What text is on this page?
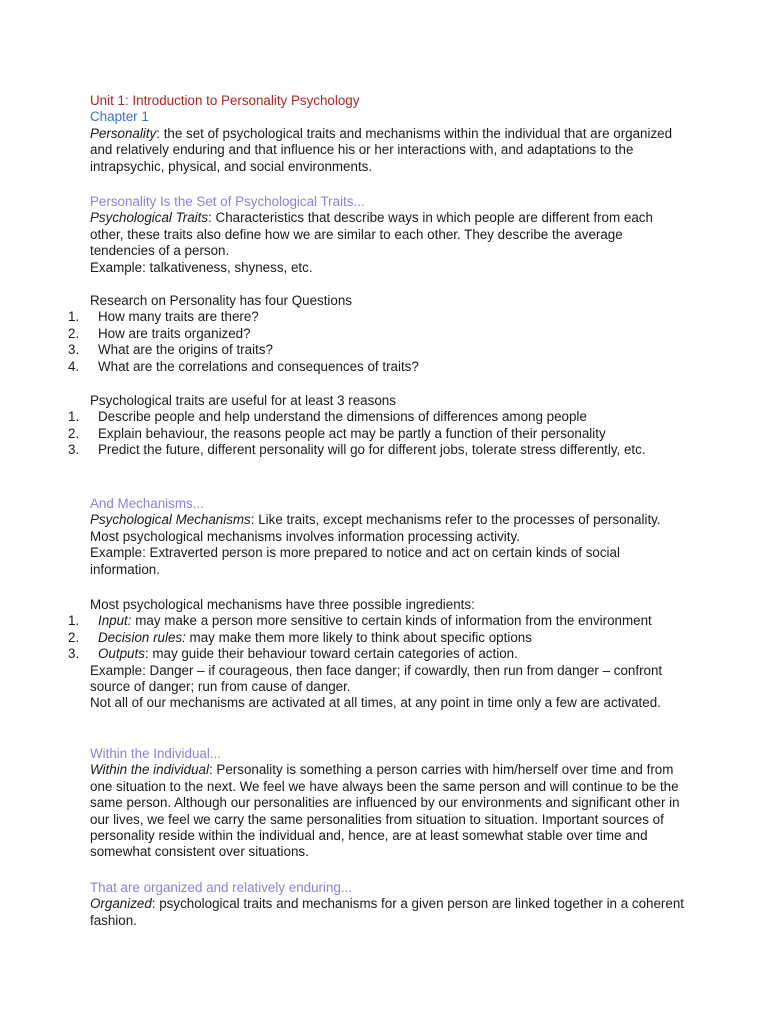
Unit 1: Introduction to Personality Psychology

Chapter 1

Personality: the set of psychological traits and mechanisms within the individual that are organized and relatively enduring and that influence his or her interactions with, and adaptations to the intrapsychic, physical, and social environments.

Personality Is the Set of Psychological Traits...

Psychological Traits: Characteristics that describe ways in which people are different from each other, these traits also define how we are similar to each other. They describe the average tendencies of a person.

Example: talkativeness, shyness, etc.

Research on Personality has four Questions
1. How many traits are there?
2. How are traits organized?
3. What are the origins of traits?
4. What are the correlations and consequences of traits?
Psychological traits are useful for at least 3 reasons
1. Describe people and help understand the dimensions of differences among people
2. Explain behaviour, the reasons people act may be partly a function of their personality
3. Predict the future, different personality will go for different jobs, tolerate stress differently, etc.

And Mechanisms...

Psychological Mechanisms: Like traits, except mechanisms refer to the processes of personality. Most psychological mechanisms involves information processing activity.

Example: Extraverted person is more prepared to notice and act on certain kinds of social information.

Most psychological mechanisms have three possible ingredients:
1. Input: may make a person more sensitive to certain kinds of information from the environment
2. Decision rules: may make them more likely to think about specific options
3. Outputs: may guide their behaviour toward certain categories of action.

Example: Danger – if courageous, then face danger; if cowardly, then run from danger – confront source of danger; run from cause of danger.

Not all of our mechanisms are activated at all times, at any point in time only a few are activated.

Within the Individual...

Within the individual: Personality is something a person carries with him/herself over time and from one situation to the next. We feel we have always been the same person and will continue to be the same person. Although our personalities are influenced by our environments and significant other in our lives, we feel we carry the same personalities from situation to situation. Important sources of personality reside within the individual and, hence, are at least somewhat stable over time and somewhat consistent over situations.

That are organized and relatively enduring...

Organized: psychological traits and mechanisms for a given person are linked together in a coherent fashion.
